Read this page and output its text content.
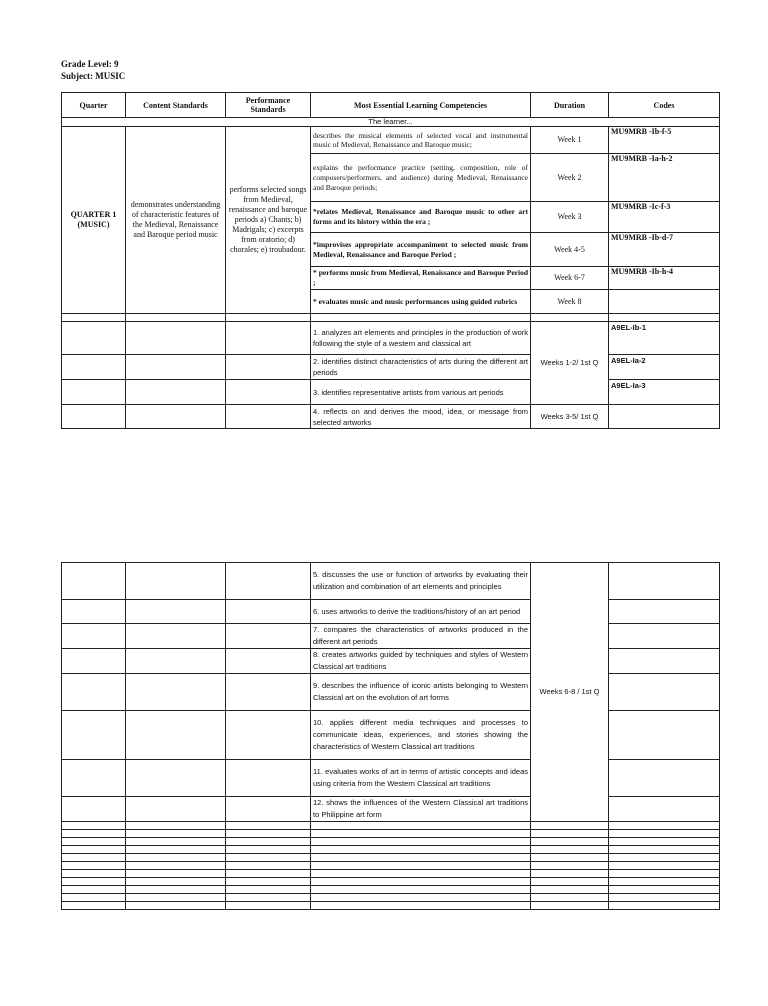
Grade Level: 9
Subject: MUSIC
Quarter	Content Standards	Performance Standards	Most Essential Learning Competencies	Duration	Codes
The learner...					
QUARTER 1 (MUSIC)	demonstrates understanding of characteristic features of the Medieval, Renaissance and Baroque period music	performs selected songs from Medieval, renaissance and baroque periods a) Chants; b) Madrigals; c) excerpts from oratorio; d) chorales; e) troubadour.	describes the musical elements of selected vocal and instrumental music of Medieval, Renaissance and Baroque music;	Week 1	MU9MRB -Ib-f-5
			explains the performance practice (setting, composition, role of composers/performers, and audience) during Medieval, Renaissance and Baroque periods;	Week 2	MU9MRB -Ia-h-2
			*relates Medieval, Renaissance and Baroque music to other art forms and its history within the era ;	Week 3	MU9MRB -Ic-f-3
			*improvises appropriate accompaniment to selected music from Medieval, Renaissance and Baroque Period ;	Week 4-5	MU9MRB -Ib-d-7
			* performs music from Medieval, Renaissance and Baroque Period ;	Week 6-7	MU9MRB -Ib-h-4
			* evaluates music and music performances using guided rubrics	Week 8	

			1. analyzes art elements and principles in the production of work following the style of a western and classical art	Weeks 1-2/ 1st Q	A9EL-Ib-1
			2. identifies distinct characteristics of arts during the different art periods		A9EL-Ia-2
			3. identifies representative artists from various art periods		A9EL-Ia-3
			4. reflects on and derives the mood, idea, or message from selected artworks	Weeks 3-5/ 1st Q	
			5. discusses the use or function of artworks by evaluating their utilization and combination of art elements and principles	Weeks 6-8 / 1st Q	
			6. uses artworks to derive the traditions/history of an art period		
			7. compares the characteristics of artworks produced in the different art periods		
			8. creates artworks guided by techniques and styles of Western Classical art traditions		
			9. describes the influence of iconic artists belonging to Western Classical art on the evolution of art forms		
			10. applies different media techniques and processes to communicate ideas, experiences, and stories showing the characteristics of Western Classical art traditions		
			11. evaluates works of art in terms of artistic concepts and ideas using criteria from the Western Classical art traditions		
			12. shows the influences of the Western Classical art traditions to Philippine art form		
